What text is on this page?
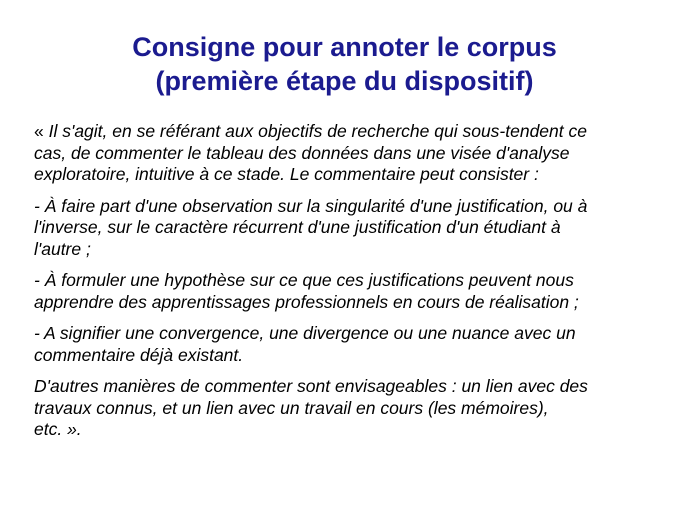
Consigne pour annoter le corpus
(première étape du dispositif)
« Il s'agit, en se référant aux objectifs de recherche qui sous-tendent ce
cas, de commenter le tableau des données dans une visée d'analyse
exploratoire, intuitive à ce stade. Le commentaire peut consister :
- À faire part d'une observation sur la singularité d'une justification, ou à
l'inverse, sur le caractère récurrent d'une justification d'un étudiant à
l'autre ;
- À formuler une hypothèse sur ce que ces justifications peuvent nous
apprendre des apprentissages professionnels en cours de réalisation ;
- A signifier une convergence, une divergence ou une nuance avec un
commentaire déjà existant.
D'autres manières de commenter sont envisageables : un lien avec des
travaux connus, et un lien avec un travail en cours (les mémoires),
etc. ».
